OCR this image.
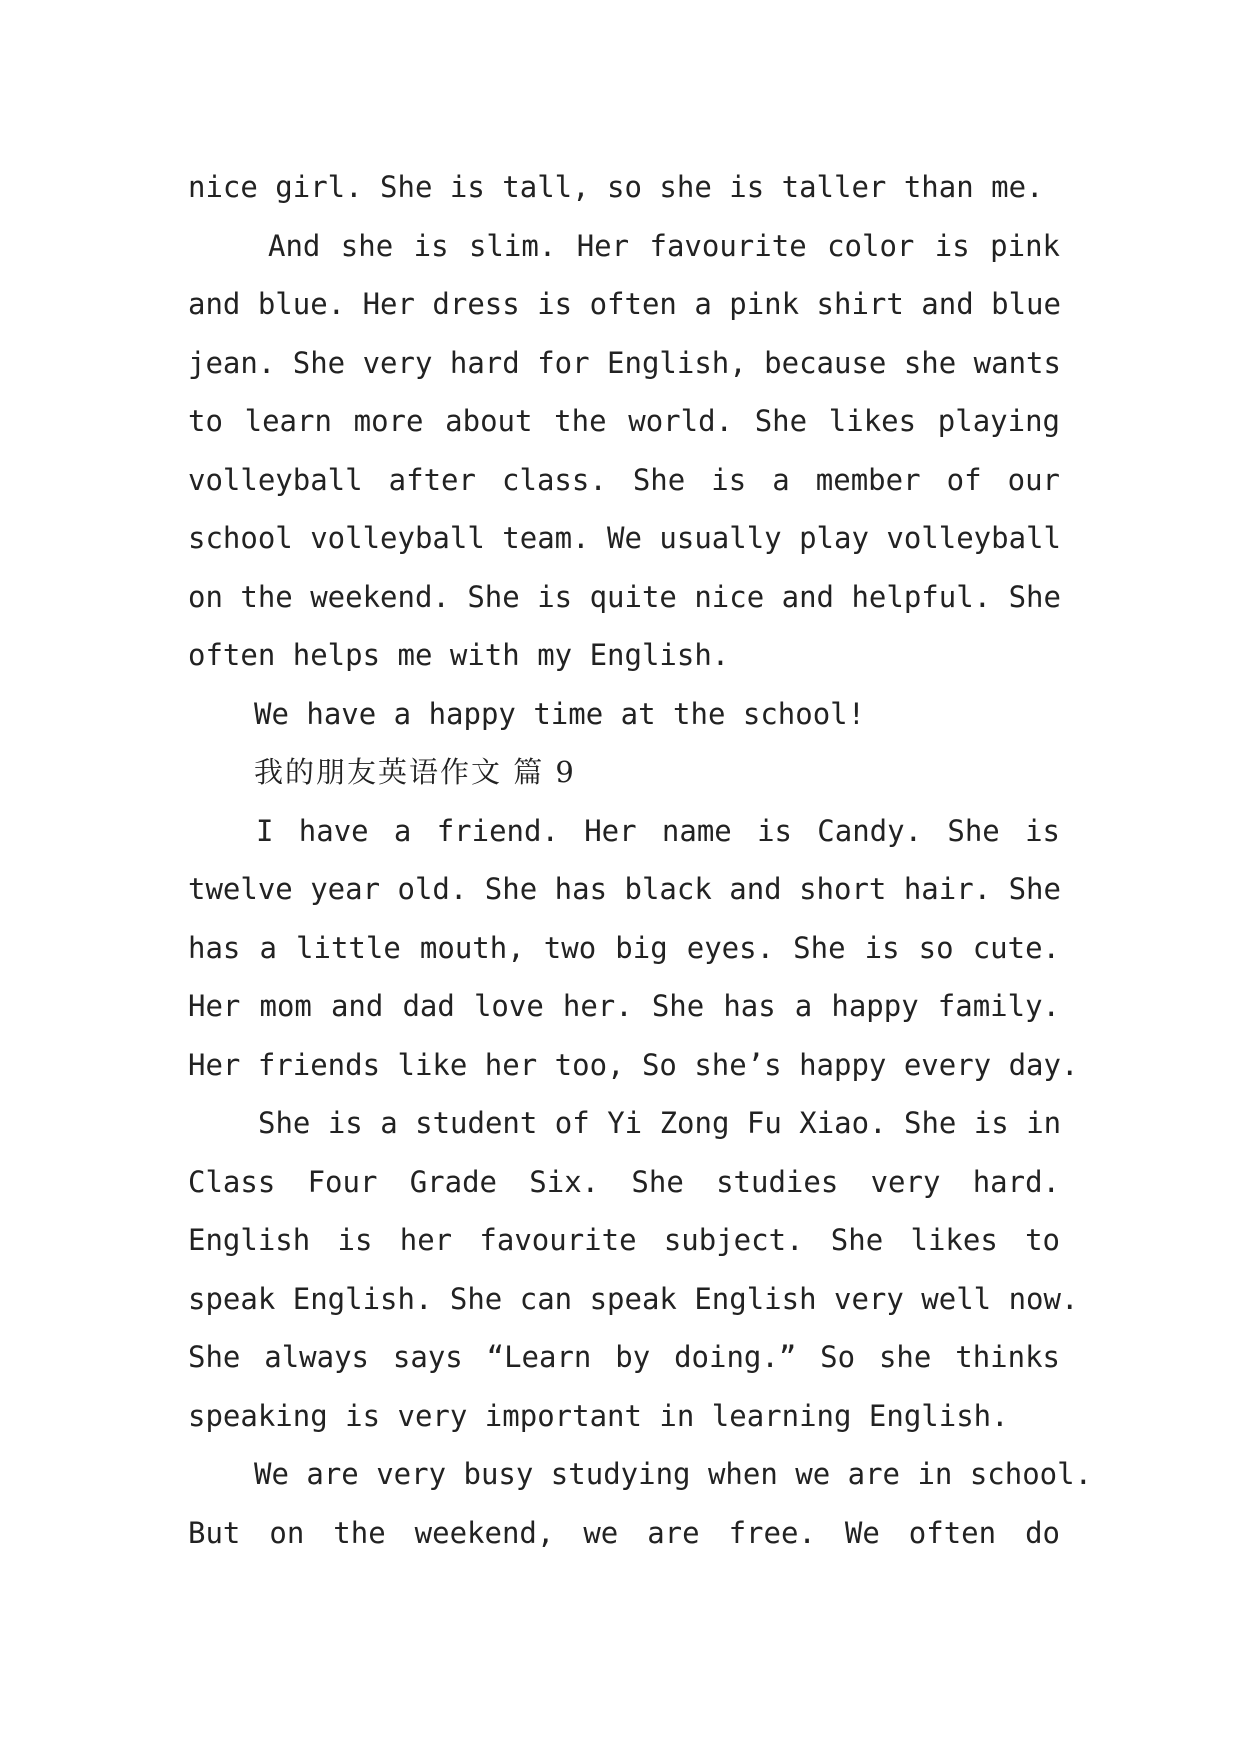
nice girl. She is tall, so she is taller than me.
And she is slim. Her favourite color is pink
and blue. Her dress is often a pink shirt and blue
jean. She very hard for English, because she wants
to learn more about the world. She likes playing
volleyball after class. She is a member of our
school volleyball team. We usually play volleyball
on the weekend. She is quite nice and helpful. She
often helps me with my English.
We have a happy time at the school!
我的朋友英语作文 篇 9
I have a friend. Her name is Candy. She is
twelve year old. She has black and short hair. She
has a little mouth, two big eyes. She is so cute.
Her mom and dad love her. She has a happy family.
Her friends like her too, So she’s happy every day.
She is a student of Yi Zong Fu Xiao. She is in
Class Four Grade Six. She studies very hard.
English is her favourite subject. She likes to
speak English. She can speak English very well now.
She always says “Learn by doing.” So she thinks
speaking is very important in learning English.
We are very busy studying when we are in school.
But on the weekend, we are free. We often do
